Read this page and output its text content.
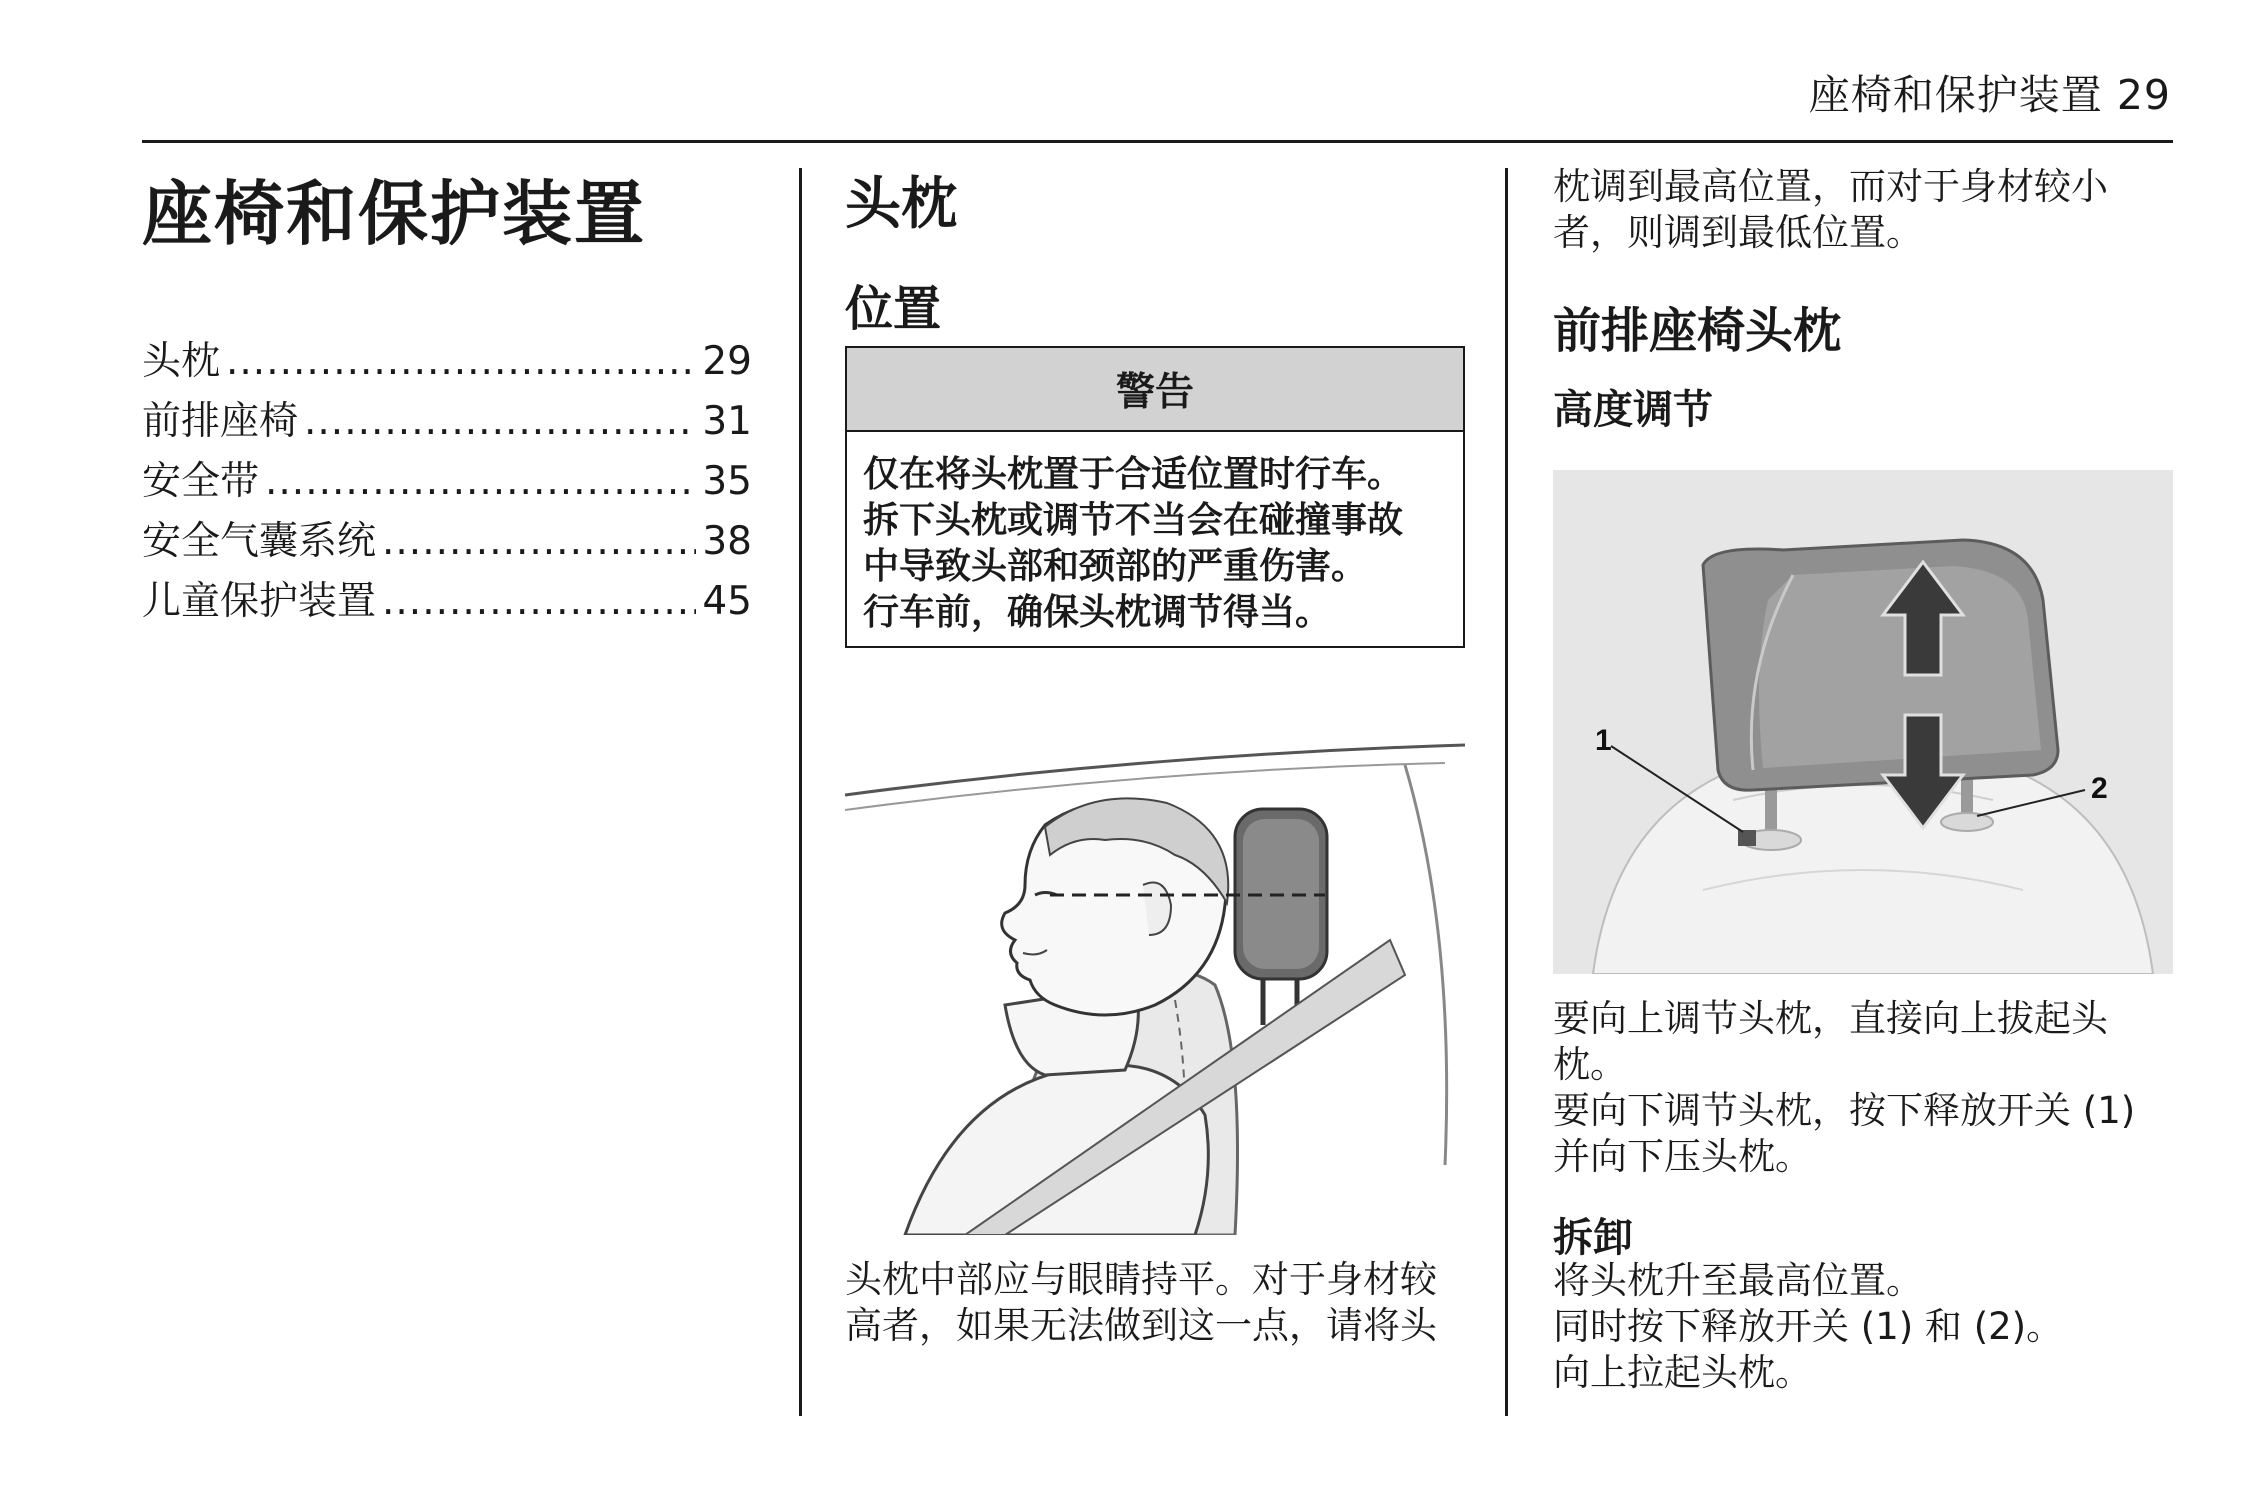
座椅和保护装置 29
座椅和保护装置
头枕 .....	29
前排座椅 .....	31
安全带 .....	35
安全气囊系统 .....	38
儿童保护装置 .....	45
头枕
位置
警告

仅在将头枕置于合适位置时行车。

拆下头枕或调节不当会在碰撞事故

中导致头部和颈部的严重伤害。

行车前，确保头枕调节得当。

头枕中部应与眼睛持平。对于身材较

高者，如果无法做到这一点，请将头

枕调到最高位置，而对于身材较小

者，则调到最低位置。

前排座椅头枕
高度调节
1
2

要向上调节头枕，直接向上拔起头

枕。

要向下调节头枕，按下释放开关 (1)

并向下压头枕。

拆卸

将头枕升至最高位置。

同时按下释放开关 (1) 和 (2)。

向上拉起头枕。
